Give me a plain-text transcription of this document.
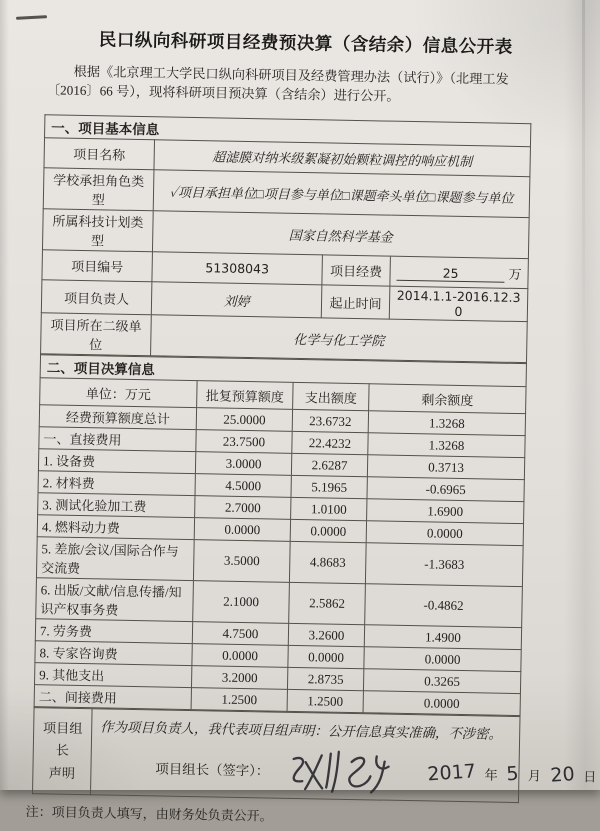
民口纵向科研项目经费预决算（含结余）信息公开表
根据《北京理工大学民口纵向科研项目及经费管理办法（试行）》（北理工发〔2016〕66 号），现将科研项目预决算（含结余）进行公开。
一、项目基本信息			
项目名称	超滤膜对纳米级絮凝初始颗粒调控的响应机制		
学校承担角色类型	✓项目承担单位□项目参与单位□课题牵头单位□课题参与单位		
所属科技计划类型	国家自然科学基金		
项目编号	51308043	项目经费	25 万
项目负责人	刘婷	起止时间	2014.1.1-2016.12.30
项目所在二级单位	化学与化工学院		
二、项目决算信息			
单位：万元	批复预算额度	支出额度	剩余额度
经费预算额度总计	25.0000	23.6732	1.3268
一、直接费用	23.7500	22.4232	1.3268
1. 设备费	3.0000	2.6287	0.3713
2. 材料费	4.5000	5.1965	-0.6965
3. 测试化验加工费	2.7000	1.0100	1.6900
4. 燃料动力费	0.0000	0.0000	0.0000
5. 差旅/会议/国际合作与交流费	3.5000	4.8683	-1.3683
6. 出版/文献/信息传播/知识产权事务费	2.1000	2.5862	-0.4862
7. 劳务费	4.7500	3.2600	1.4900
8. 专家咨询费	0.0000	0.0000	0.0000
9. 其他支出	3.2000	2.8735	0.3265
二、间接费用	1.2500	1.2500	0.0000
项目组长
声明

作为项目负责人，我代表项目组声明：公开信息真实准确，不涉密。
项目组长（签字）：	2017 年 5 月 20 日
注：项目负责人填写，由财务处负责公开。
